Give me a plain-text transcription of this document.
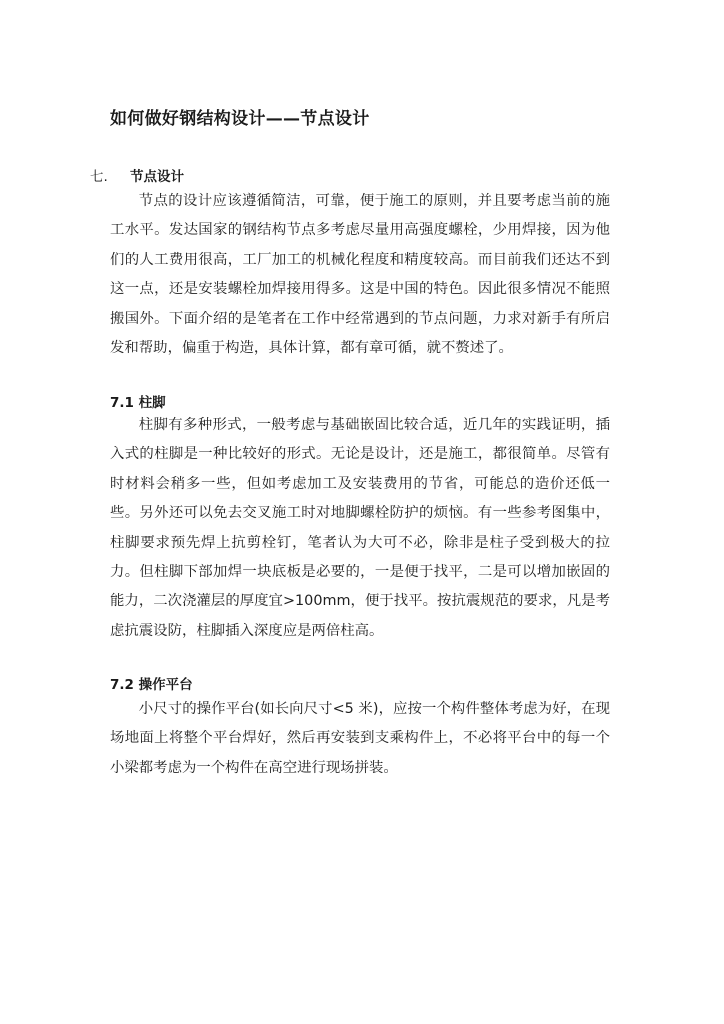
如何做好钢结构设计——节点设计
七. 节点设计

节点的设计应该遵循简洁，可靠，便于施工的原则，并且要考虑当前的施工水平。发达国家的钢结构节点多考虑尽量用高强度螺栓，少用焊接，因为他们的人工费用很高，工厂加工的机械化程度和精度较高。而目前我们还达不到这一点，还是安装螺栓加焊接用得多。这是中国的特色。因此很多情况不能照搬国外。下面介绍的是笔者在工作中经常遇到的节点问题，力求对新手有所启发和帮助，偏重于构造，具体计算，都有章可循，就不赘述了。

7.1 柱脚

柱脚有多种形式，一般考虑与基础嵌固比较合适，近几年的实践证明，插入式的柱脚是一种比较好的形式。无论是设计，还是施工，都很简单。尽管有时材料会稍多一些，但如考虑加工及安装费用的节省，可能总的造价还低一些。另外还可以免去交叉施工时对地脚螺栓防护的烦恼。有一些参考图集中，柱脚要求预先焊上抗剪栓钉，笔者认为大可不必，除非是柱子受到极大的拉力。但柱脚下部加焊一块底板是必要的，一是便于找平，二是可以增加嵌固的能力，二次浇灌层的厚度宜>100mm，便于找平。按抗震规范的要求，凡是考虑抗震设防，柱脚插入深度应是两倍柱高。

7.2 操作平台

小尺寸的操作平台(如长向尺寸<5 米)，应按一个构件整体考虑为好，在现场地面上将整个平台焊好，然后再安装到支乘构件上，不必将平台中的每一个小梁都考虑为一个构件在高空进行现场拼装。
